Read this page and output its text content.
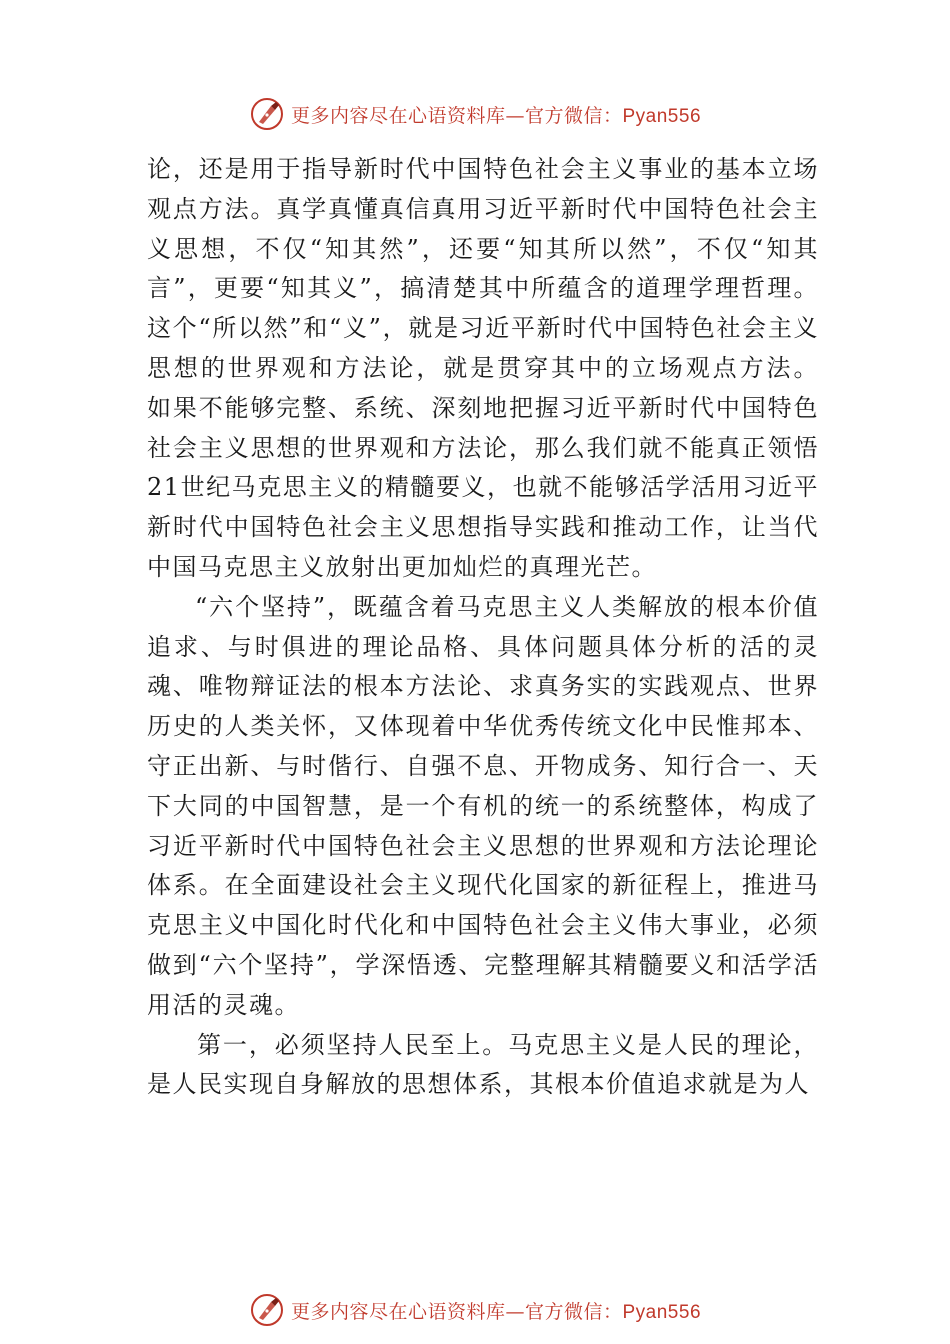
更多内容尽在心语资料库—官方微信：Pyan556

论，还是用于指导新时代中国特色社会主义事业的基本立场观点方法。真学真懂真信真用习近平新时代中国特色社会主义思想，不仅“知其然”，还要“知其所以然”，不仅“知其言”，更要“知其义”，搞清楚其中所蕴含的道理学理哲理。这个“所以然”和“义”，就是习近平新时代中国特色社会主义思想的世界观和方法论，就是贯穿其中的立场观点方法。 如果不能够完整、系统、深刻地把握习近平新时代中国特色社会主义思想的世界观和方法论，那么我们就不能真正领悟21世纪马克思主义的精髓要义，也就不能够活学活用习近平新时代中国特色社会主义思想指导实践和推动工作，让当代中国马克思主义放射出更加灿烂的真理光芒。

“六个坚持”，既蕴含着马克思主义人类解放的根本价值追求、与时俱进的理论品格、具体问题具体分析的活的灵魂、唯物辩证法的根本方法论、求真务实的实践观点、世界历史的人类关怀，又体现着中华优秀传统文化中民惟邦本、 守正出新、与时偕行、自强不息、开物成务、知行合一、天下大同的中国智慧，是一个有机的统一的系统整体，构成了习近平新时代中国特色社会主义思想的世界观和方法论理论体系。在全面建设社会主义现代化国家的新征程上，推进马克思主义中国化时代化和中国特色社会主义伟大事业，必须做到“六个坚持”，学深悟透、完整理解其精髓要义和活学活用活的灵魂。

第一，必须坚持人民至上。马克思主义是人民的理论，是人民实现自身解放的思想体系，其根本价值追求就是为人

更多内容尽在心语资料库—官方微信：Pyan556
